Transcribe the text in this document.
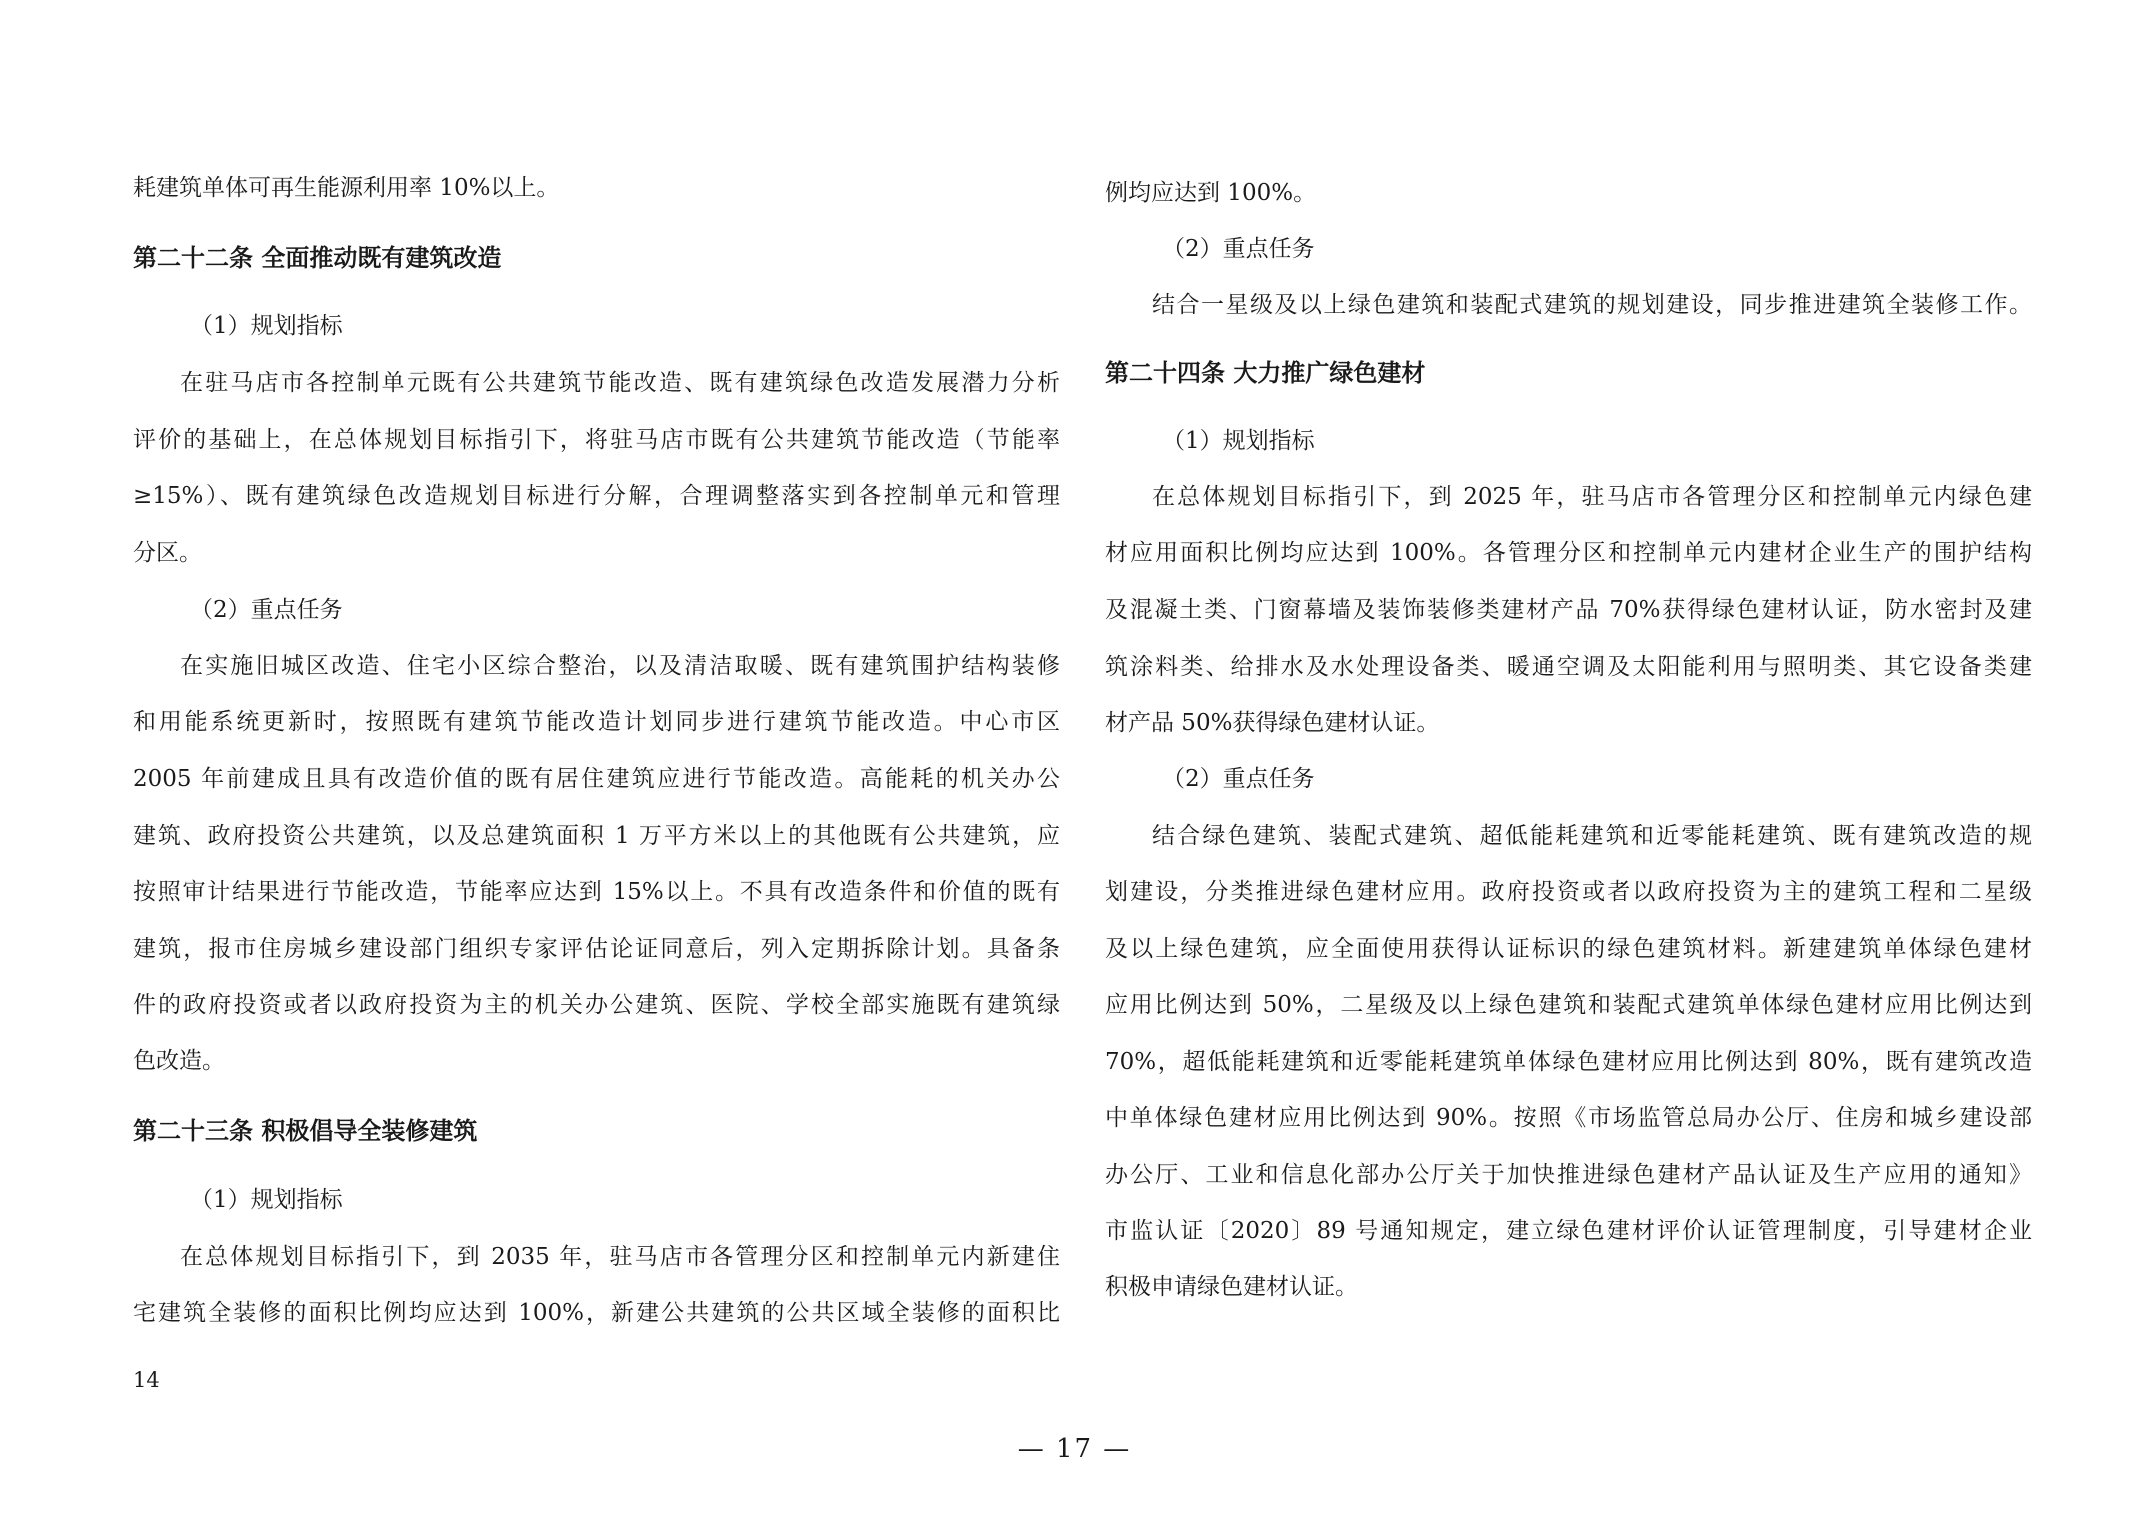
耗建筑单体可再生能源利用率 10%以上。
第二十二条 全面推动既有建筑改造
（1）规划指标
在驻马店市各控制单元既有公共建筑节能改造、既有建筑绿色改造发展潜力分析
评价的基础上，在总体规划目标指引下，将驻马店市既有公共建筑节能改造（节能率
≥15%）、既有建筑绿色改造规划目标进行分解，合理调整落实到各控制单元和管理
分区。
（2）重点任务
在实施旧城区改造、住宅小区综合整治，以及清洁取暖、既有建筑围护结构装修
和用能系统更新时，按照既有建筑节能改造计划同步进行建筑节能改造。中心市区
2005 年前建成且具有改造价值的既有居住建筑应进行节能改造。高能耗的机关办公
建筑、政府投资公共建筑，以及总建筑面积 1 万平方米以上的其他既有公共建筑，应
按照审计结果进行节能改造，节能率应达到 15%以上。不具有改造条件和价值的既有
建筑，报市住房城乡建设部门组织专家评估论证同意后，列入定期拆除计划。具备条
件的政府投资或者以政府投资为主的机关办公建筑、医院、学校全部实施既有建筑绿
色改造。
第二十三条 积极倡导全装修建筑
（1）规划指标
在总体规划目标指引下，到 2035 年，驻马店市各管理分区和控制单元内新建住
宅建筑全装修的面积比例均应达到 100%，新建公共建筑的公共区域全装修的面积比
例均应达到 100%。
（2）重点任务
结合一星级及以上绿色建筑和装配式建筑的规划建设，同步推进建筑全装修工作。
第二十四条 大力推广绿色建材
（1）规划指标
在总体规划目标指引下，到 2025 年，驻马店市各管理分区和控制单元内绿色建
材应用面积比例均应达到 100%。各管理分区和控制单元内建材企业生产的围护结构
及混凝土类、门窗幕墙及装饰装修类建材产品 70%获得绿色建材认证，防水密封及建
筑涂料类、给排水及水处理设备类、暖通空调及太阳能利用与照明类、其它设备类建
材产品 50%获得绿色建材认证。
（2）重点任务
结合绿色建筑、装配式建筑、超低能耗建筑和近零能耗建筑、既有建筑改造的规
划建设，分类推进绿色建材应用。政府投资或者以政府投资为主的建筑工程和二星级
及以上绿色建筑，应全面使用获得认证标识的绿色建筑材料。新建建筑单体绿色建材
应用比例达到 50%，二星级及以上绿色建筑和装配式建筑单体绿色建材应用比例达到
70%，超低能耗建筑和近零能耗建筑单体绿色建材应用比例达到 80%，既有建筑改造
中单体绿色建材应用比例达到 90%。按照《市场监管总局办公厅、住房和城乡建设部
办公厅、工业和信息化部办公厅关于加快推进绿色建材产品认证及生产应用的通知》
市监认证〔2020〕89 号通知规定，建立绿色建材评价认证管理制度，引导建材企业
积极申请绿色建材认证。
14
— 17 —
